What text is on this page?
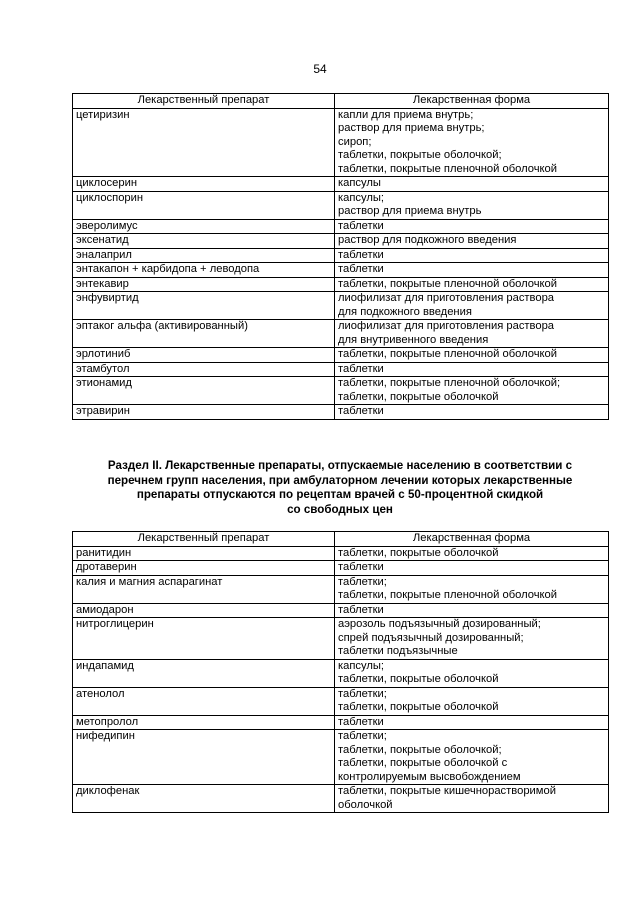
54
Лекарственный препарат	Лекарственная форма
цетиризин	капли для приема внутрь;
раствор для приема внутрь;
сироп;
таблетки, покрытые оболочкой;
таблетки, покрытые пленочной оболочкой

циклосерин	капсулы

циклоспорин	капсулы;
раствор для приема внутрь

эверолимус	таблетки

эксенатид	раствор для подкожного введения

эналаприл	таблетки

энтакапон + карбидопа + леводопа	таблетки

энтекавир	таблетки, покрытые пленочной оболочкой

энфувиртид	лиофилизат для приготовления раствора
для подкожного введения

эптаког альфа (активированный)	лиофилизат для приготовления раствора
для внутривенного введения

эрлотиниб	таблетки, покрытые пленочной оболочкой

этамбутол	таблетки

этионамид	таблетки, покрытые пленочной оболочкой;
таблетки, покрытые оболочкой

этравирин	таблетки
Раздел II. Лекарственные препараты, отпускаемые населению в соответствии с
перечнем групп населения, при амбулаторном лечении которых лекарственные
препараты отпускаются по рецептам врачей с 50-процентной скидкой
со свободных цен
Лекарственный препарат	Лекарственная форма
ранитидин	таблетки, покрытые оболочкой

дротаверин	таблетки

калия и магния аспарагинат	таблетки;
таблетки, покрытые пленочной оболочкой

амиодарон	таблетки

нитроглицерин	аэрозоль подъязычный дозированный;
спрей подъязычный дозированный;
таблетки подъязычные

индапамид	капсулы;
таблетки, покрытые оболочкой

атенолол	таблетки;
таблетки, покрытые оболочкой

метопролол	таблетки

нифедипин	таблетки;
таблетки, покрытые оболочкой;
таблетки, покрытые оболочкой с
контролируемым высвобождением

диклофенак	таблетки, покрытые кишечнорастворимой
оболочкой
